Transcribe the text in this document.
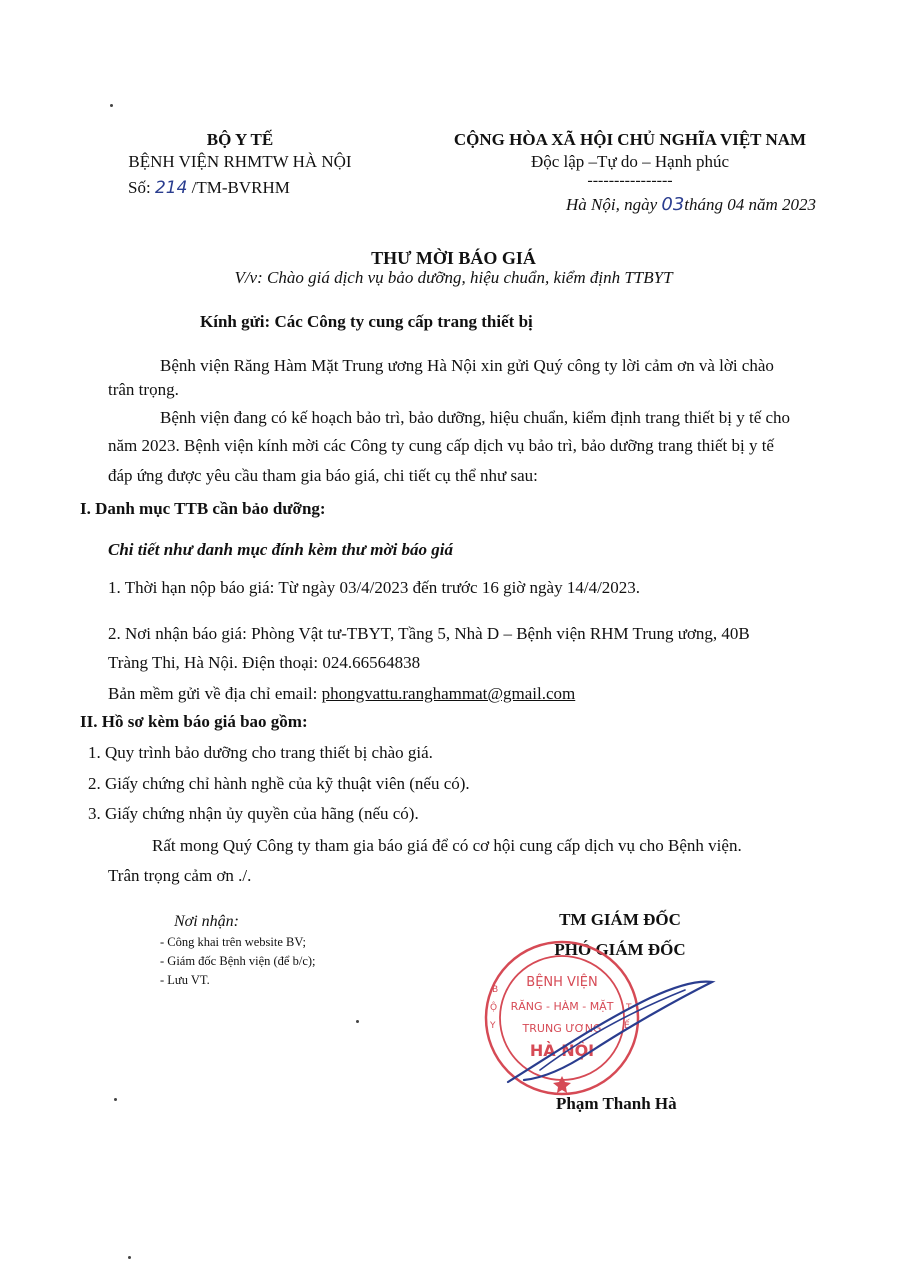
BỘ Y TẾ
BỆNH VIỆN RHMTW HÀ NỘI
Số: 214 /TM-BVRHM
CỘNG HÒA XÃ HỘI CHỦ NGHĨA VIỆT NAM
Độc lập –Tự do – Hạnh phúc
----------------
Hà Nội, ngày 03tháng 04 năm 2023
THƯ MỜI BÁO GIÁ
V/v: Chào giá dịch vụ bảo dưỡng, hiệu chuẩn, kiểm định TTBYT
Kính gửi: Các Công ty cung cấp trang thiết bị
Bệnh viện Răng Hàm Mặt Trung ương Hà Nội xin gửi Quý công ty lời cảm ơn và lời chào
trân trọng.
Bệnh viện đang có kế hoạch bảo trì, bảo dưỡng, hiệu chuẩn, kiểm định trang thiết bị y tế cho
năm 2023. Bệnh viện kính mời các Công ty cung cấp dịch vụ bảo trì, bảo dưỡng trang thiết bị y tế
đáp ứng được yêu cầu tham gia báo giá, chi tiết cụ thể như sau:
I. Danh mục TTB cần bảo dưỡng:
Chi tiết như danh mục đính kèm thư mời báo giá
1. Thời hạn nộp báo giá: Từ ngày 03/4/2023 đến trước 16 giờ ngày 14/4/2023.
2. Nơi nhận báo giá: Phòng Vật tư-TBYT, Tầng 5, Nhà D – Bệnh viện RHM Trung ương, 40B
Tràng Thi, Hà Nội. Điện thoại: 024.66564838
Bản mềm gửi về địa chỉ email: phongvattu.ranghammat@gmail.com
II. Hồ sơ kèm báo giá bao gồm:
1. Quy trình bảo dưỡng cho trang thiết bị chào giá.
2. Giấy chứng chỉ hành nghề của kỹ thuật viên (nếu có).
3. Giấy chứng nhận ủy quyền của hãng (nếu có).
Rất mong Quý Công ty tham gia báo giá để có cơ hội cung cấp dịch vụ cho Bệnh viện.
Trân trọng cảm ơn ./.
Nơi nhận:
- Công khai trên website BV;
- Giám đốc Bệnh viện (để b/c);
- Lưu VT.
TM GIÁM ĐỐC
PHÓ GIÁM ĐỐC
BỆNH VIỆN
RĂNG - HÀM - MẶT
TRUNG ƯƠNG
HÀ NỘI
B
Ộ
Y
T
Ế
Phạm Thanh Hà
